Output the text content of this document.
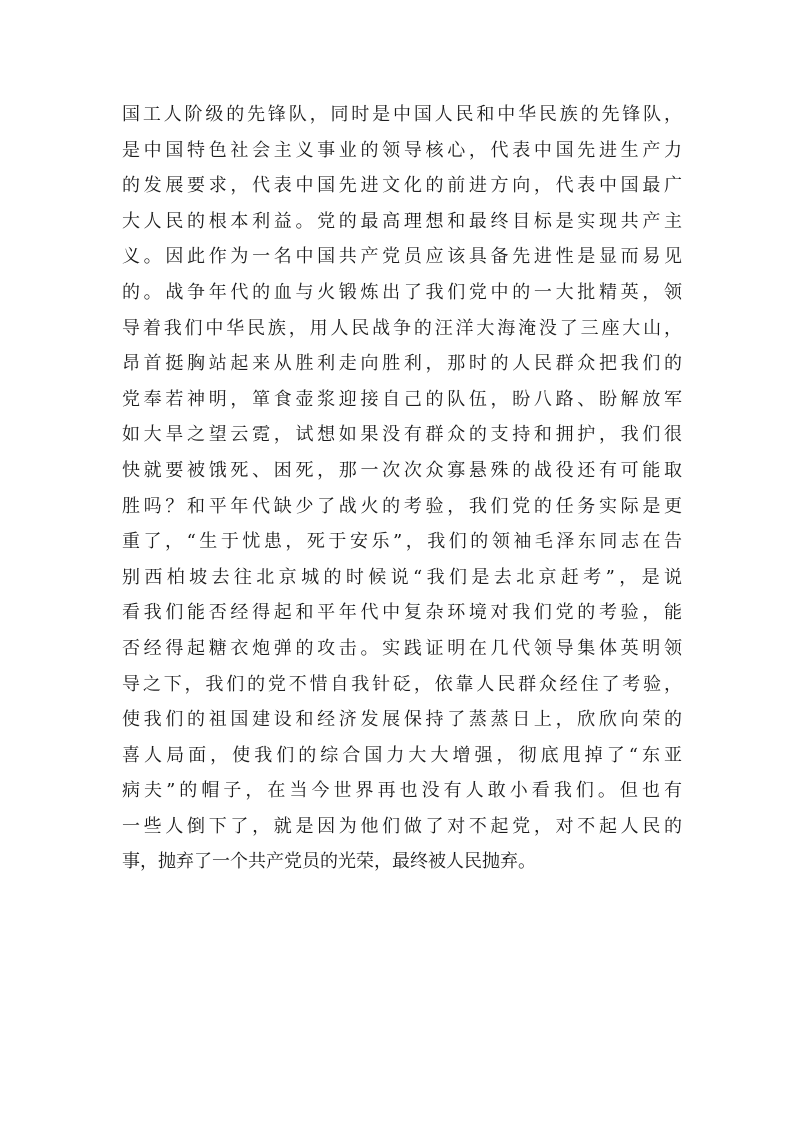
国工人阶级的先锋队，同时是中国人民和中华民族的先锋队，
是中国特色社会主义事业的领导核心，代表中国先进生产力
的发展要求，代表中国先进文化的前进方向，代表中国最广
大人民的根本利益。党的最高理想和最终目标是实现共产主
义。因此作为一名中国共产党员应该具备先进性是显而易见
的。战争年代的血与火锻炼出了我们党中的一大批精英，领
导着我们中华民族，用人民战争的汪洋大海淹没了三座大山，
昂首挺胸站起来从胜利走向胜利，那时的人民群众把我们的
党奉若神明，箪食壶浆迎接自己的队伍，盼八路、盼解放军
如大旱之望云霓，试想如果没有群众的支持和拥护，我们很
快就要被饿死、困死，那一次次众寡悬殊的战役还有可能取
胜吗？和平年代缺少了战火的考验，我们党的任务实际是更
重了，“生于忧患，死于安乐”，我们的领袖毛泽东同志在告
别西柏坡去往北京城的时候说“我们是去北京赶考”，是说
看我们能否经得起和平年代中复杂环境对我们党的考验，能
否经得起糖衣炮弹的攻击。实践证明在几代领导集体英明领
导之下，我们的党不惜自我针砭，依靠人民群众经住了考验，
使我们的祖国建设和经济发展保持了蒸蒸日上，欣欣向荣的
喜人局面，使我们的综合国力大大增强，彻底甩掉了“东亚
病夫”的帽子，在当今世界再也没有人敢小看我们。但也有
一些人倒下了，就是因为他们做了对不起党，对不起人民的
事，抛弃了一个共产党员的光荣，最终被人民抛弃。
